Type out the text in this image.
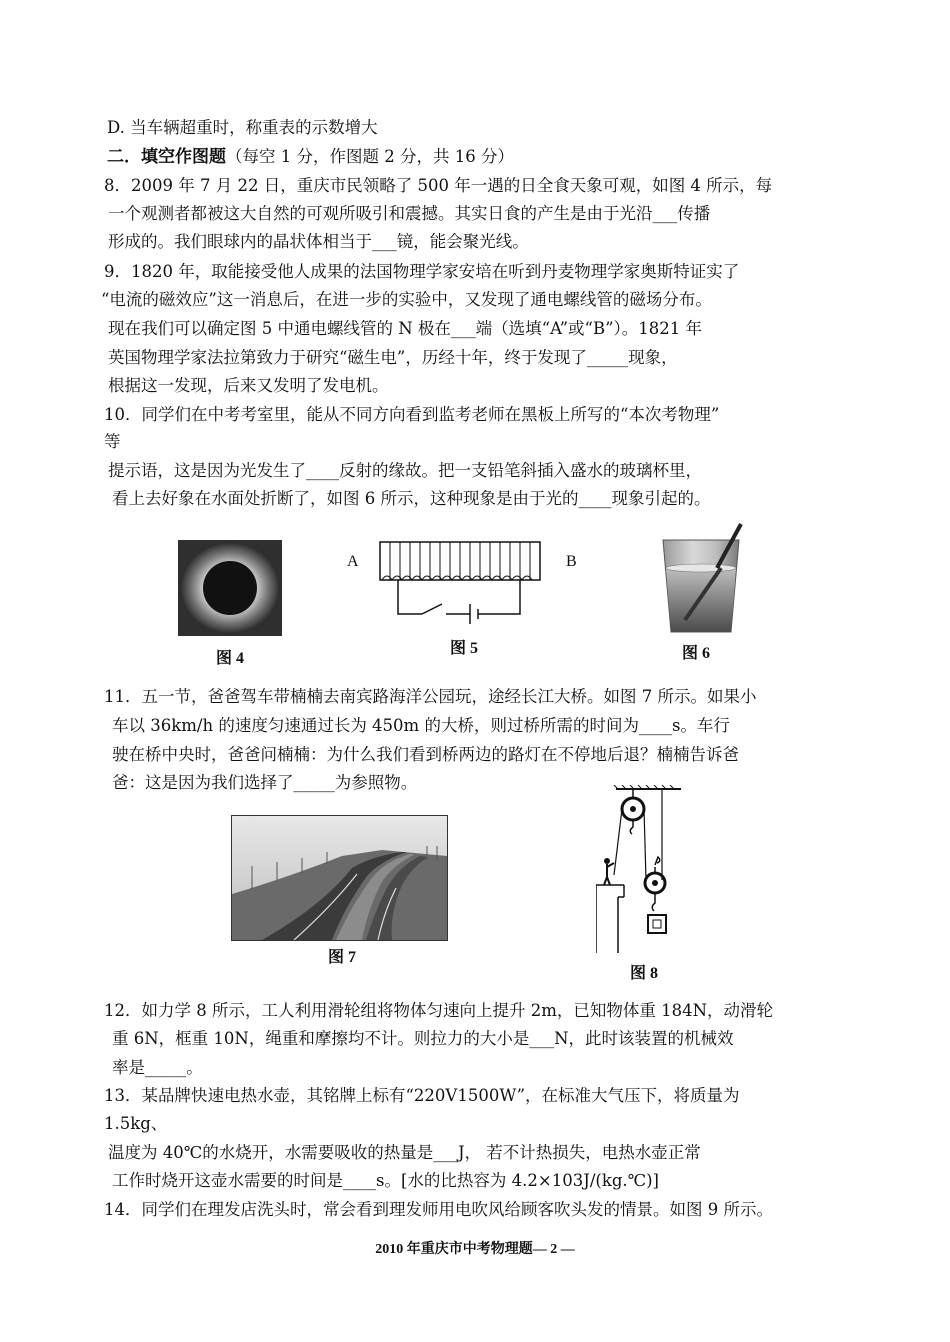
D. 当车辆超重时，称重表的示数增大
二．填空作图题（每空 1 分，作图题 2 分，共 16 分）
8．2009 年 7 月 22 日，重庆市民领略了 500 年一遇的日全食天象可观，如图 4 所示，每
一个观测者都被这大自然的可观所吸引和震撼。其实日食的产生是由于光沿___传播
形成的。我们眼球内的晶状体相当于___镜，能会聚光线。
9．1820 年，取能接受他人成果的法国物理学家安培在听到丹麦物理学家奥斯特证实了
“电流的磁效应”这一消息后，在进一步的实验中，又发现了通电螺线管的磁场分布。
现在我们可以确定图 5 中通电螺线管的 N 极在___端（选填“A”或“B”）。1821 年
英国物理学家法拉第致力于研究“磁生电”，历经十年，终于发现了_____现象，
根据这一发现，后来又发明了发电机。
10．同学们在中考考室里，能从不同方向看到监考老师在黑板上所写的“本次考物理”
等
提示语，这是因为光发生了____反射的缘故。把一支铅笔斜插入盛水的玻璃杯里，
看上去好象在水面处折断了，如图 6 所示，这种现象是由于光的____现象引起的。
图 4
A	B
图 5	图 6
11．五一节，爸爸驾车带楠楠去南宾路海洋公园玩，途经长江大桥。如图 7 所示。如果小
车以 36km/h 的速度匀速通过长为 450m 的大桥，则过桥所需的时间为____s。车行
驶在桥中央时，爸爸问楠楠：为什么我们看到桥两边的路灯在不停地后退？楠楠告诉爸
爸：这是因为我们选择了_____为参照物。
图 7
图 8
12．如力学 8 所示，工人利用滑轮组将物体匀速向上提升 2m，已知物体重 184N，动滑轮
重 6N，框重 10N，绳重和摩擦均不计。则拉力的大小是___N，此时该装置的机械效
率是_____。
13．某品牌快速电热水壶，其铭牌上标有“220V1500W”，在标准大气压下，将质量为
1.5kg、
温度为 40℃的水烧开，水需要吸收的热量是___J， 若不计热损失，电热水壶正常
工作时烧开这壶水需要的时间是____s。[水的比热容为 4.2×103J/(kg.℃)]
14．同学们在理发店洗头时，常会看到理发师用电吹风给顾客吹头发的情景。如图 9 所示。
2010 年重庆市中考物理题— 2 —
